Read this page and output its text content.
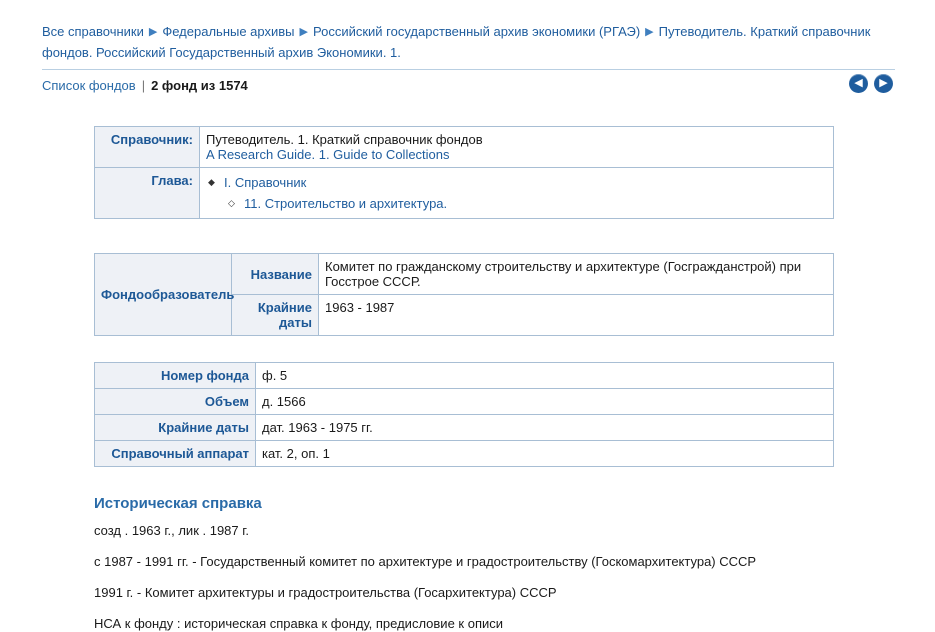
Все справочники ▶ Федеральные архивы ▶ Российский государственный архив экономики (РГАЭ) ▶ Путеводитель. Краткий справочник фондов. Российский Государственный архив Экономики. 1.
Список фондов | 2 фонд из 1574	◀	▶
Справочник:	Путеводитель. 1. Краткий справочник фондов
A Research Guide. 1. Guide to Collections

Глава:	
◆I. Справочник
◇ 11. Строительство и архитектура.
Фондообразователь	Название	Комитет по гражданскому строительству и архитектуре (Госгражданстрой) при Госстрое СССР.
	Крайние даты	1963 - 1987
Номер фонда	ф. 5
Объем	д. 1566
Крайние даты	дат. 1963 - 1975 гг.
Справочный аппарат	кат. 2, оп. 1
Историческая справка

созд . 1963 г., лик . 1987 г.

с 1987 - 1991 гг. - Государственный комитет по архитектуре и градостроительству (Госкомархитектура) СССР

1991 г. - Комитет архитектуры и градостроительства (Госархитектура) СССР

НСА к фонду : историческая справка к фонду, предисловие к описи
